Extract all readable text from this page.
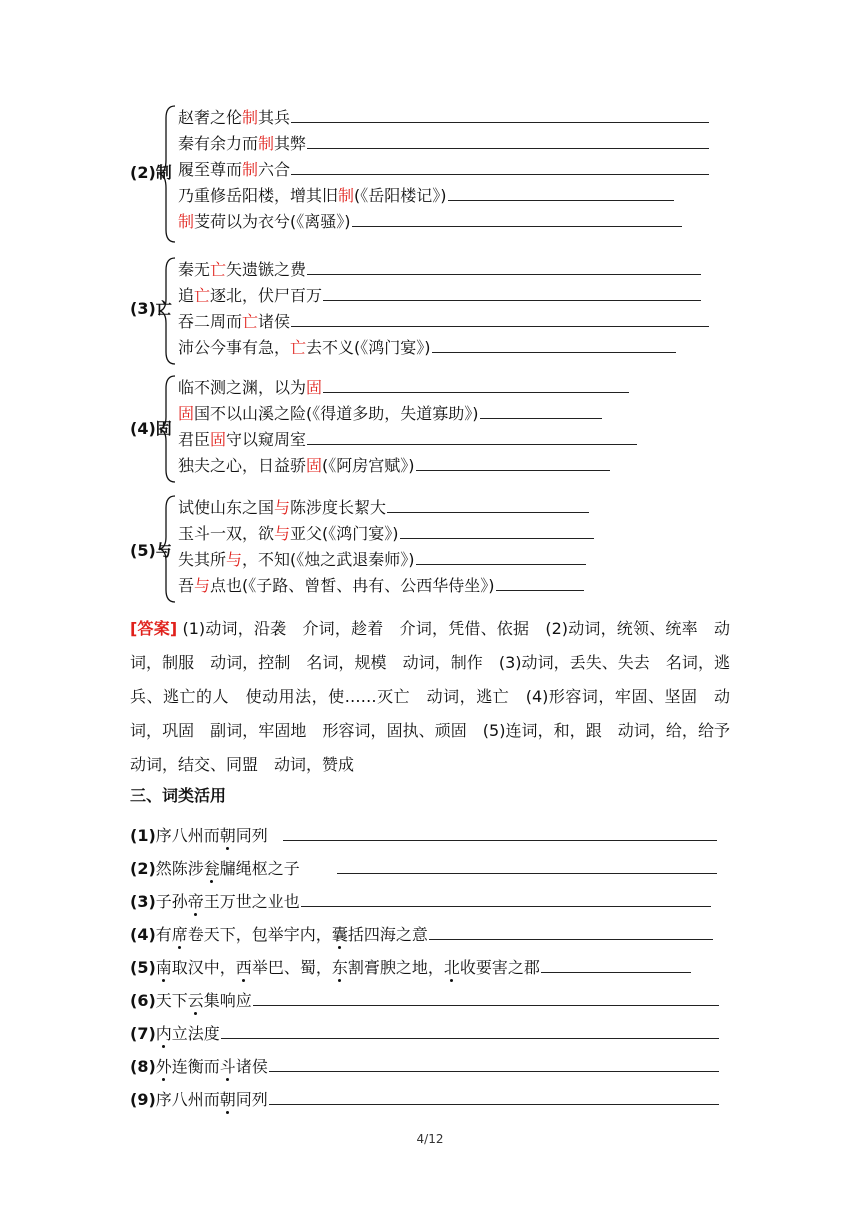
(2)制
赵奢之伦制其兵
秦有余力而制其弊
履至尊而制六合
乃重修岳阳楼，增其旧制(《岳阳楼记》)
制芰荷以为衣兮(《离骚》)
(3)亡
秦无亡矢遗镞之费
追亡逐北，伏尸百万
吞二周而亡诸侯
沛公今事有急，亡去不义(《鸿门宴》)
(4)固
临不测之渊，以为固
固国不以山溪之险(《得道多助，失道寡助》)
君臣固守以窥周室
独夫之心，日益骄固(《阿房宫赋》)
(5)与
试使山东之国与陈涉度长絜大
玉斗一双，欲与亚父(《鸿门宴》)
失其所与，不知(《烛之武退秦师》)
吾与点也(《子路、曾皙、冉有、公西华侍坐》)
[答案] (1)动词，沿袭　介词，趁着　介词，凭借、依据　(2)动词，统领、统率　动词，制服　动词，控制　名词，规模　动词，制作　(3)动词，丢失、失去　名词，逃兵、逃亡的人　使动用法，使……灭亡　动词，逃亡　(4)形容词，牢固、坚固　动词，巩固　副词，牢固地　形容词，固执、顽固　(5)连词，和，跟　动词，给，给予　动词，结交、同盟　动词，赞成
三、词类活用
(1) 序八州而朝同列
(2) 然陈涉瓮牖绳枢之子
(3) 子孙帝王万世之业也
(4) 有席卷天下，包举宇内，囊括四海之意
(5) 南取汉中，西举巴、蜀，东割膏腴之地，北收要害之郡
(6) 天下云集响应
(7) 内立法度
(8) 外连衡而斗诸侯
(9) 序八州而朝同列
4/12
